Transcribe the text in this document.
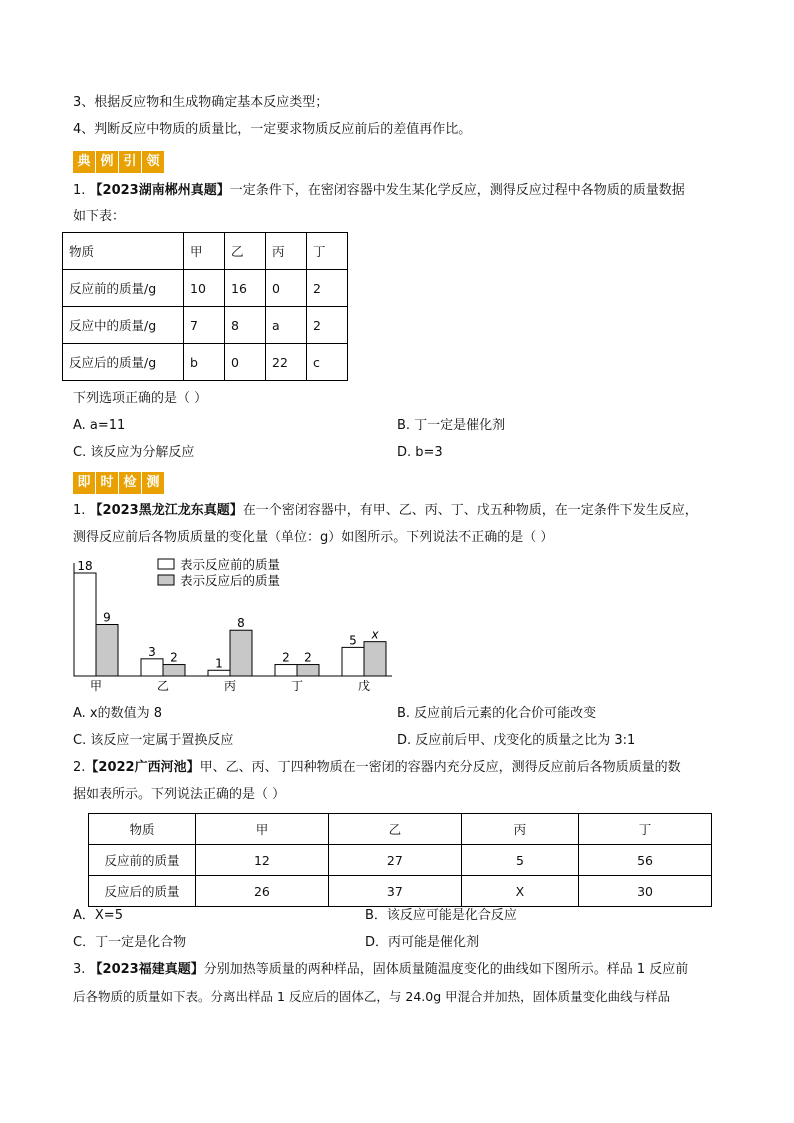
3、根据反应物和生成物确定基本反应类型；
4、判断反应中物质的质量比，一定要求物质反应前后的差值再作比。
典 例 引 领
1. 【2023湖南郴州真题】一定条件下，在密闭容器中发生某化学反应，测得反应过程中各物质的质量数据
如下表：
物质	甲	乙	丙	丁
反应前的质量/g	10	16	0	2
反应中的质量/g	7	8	a	2
反应后的质量/g	b	0	22	c
下列选项正确的是（ ）
A. a=11	B. 丁一定是催化剂
C. 该反应为分解反应	D. b=3
即 时 检 测
1. 【2023黑龙江龙东真题】在一个密闭容器中，有甲、乙、丙、丁、戊五种物质，在一定条件下发生反应，
测得反应前后各物质质量的变化量（单位：g）如图所示。下列说法不正确的是（ ）
18
9
甲
3 2
乙
1
8
丙
2 2
丁
5 x
戊
表示反应前的质量
表示反应后的质量
A. x的数值为 8	B. 反应前后元素的化合价可能改变
C. 该反应一定属于置换反应	D. 反应前后甲、戊变化的质量之比为 3:1
2.【2022广西河池】甲、乙、丙、丁四种物质在一密闭的容器内充分反应，测得反应前后各物质质量的数
据如表所示。下列说法正确的是（ ）
物质	甲	乙	丙	丁
反应前的质量	12	27	5	56
反应后的质量	26	37	X	30
A．X=5	B．该反应可能是化合反应
C．丁一定是化合物	D．丙可能是催化剂
3. 【2023福建真题】分别加热等质量的两种样品，固体质量随温度变化的曲线如下图所示。样品 1 反应前
后各物质的质量如下表。分离出样品 1 反应后的固体乙，与 24.0g 甲混合并加热，固体质量变化曲线与样品
